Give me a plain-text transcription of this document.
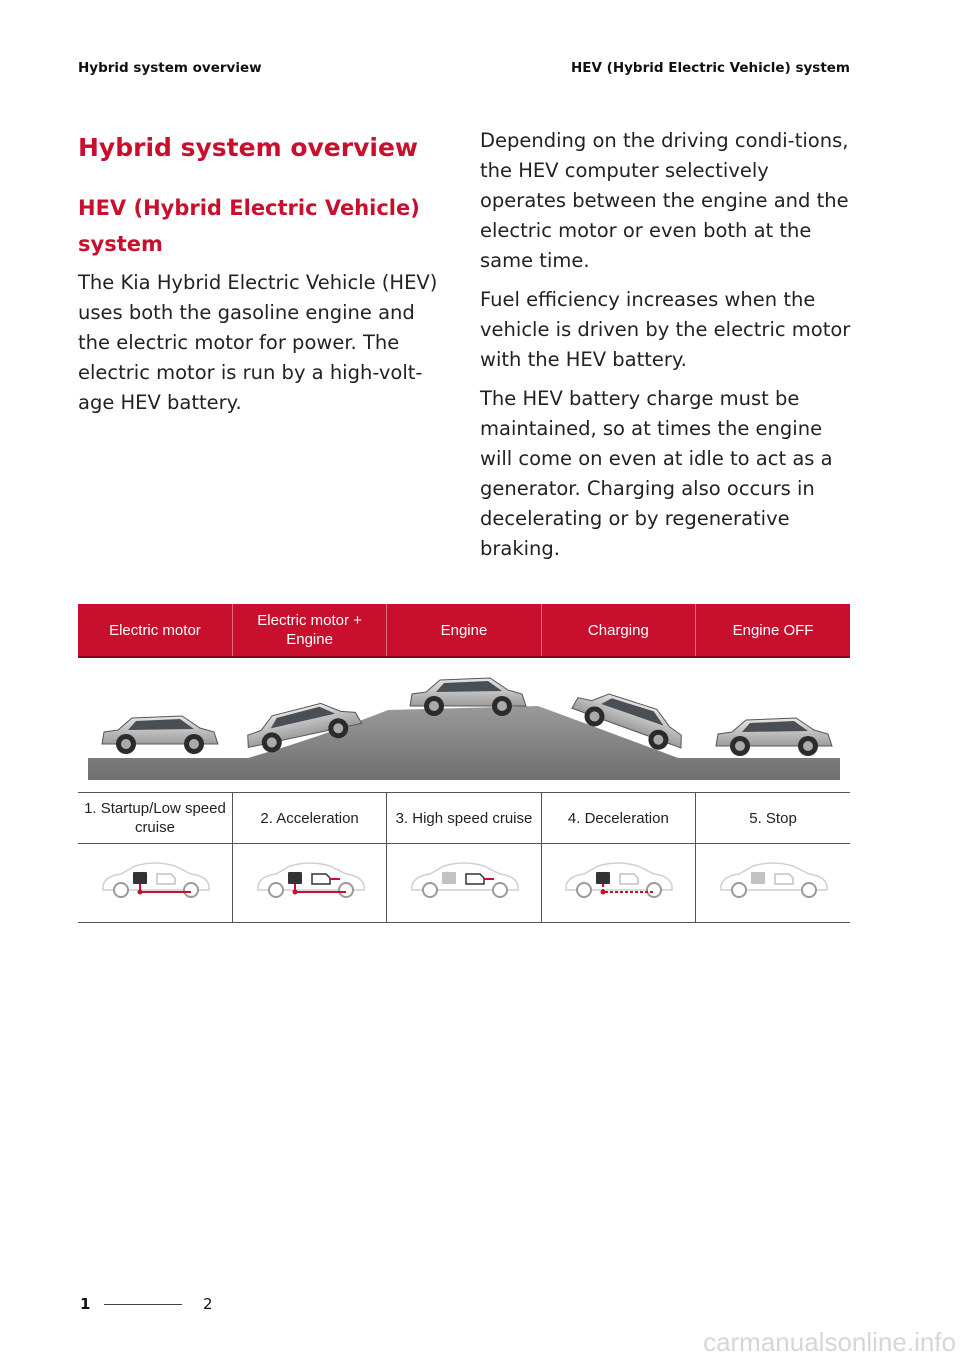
Hybrid system overview	HEV (Hybrid Electric Vehicle) system
Hybrid system overview
HEV (Hybrid Electric Vehicle)
system

The Kia Hybrid Electric Vehicle (HEV) uses both the gasoline engine and the electric motor for power. The electric motor is run by a high-volt-age HEV battery.

Depending on the driving condi-tions, the HEV computer selectively operates between the engine and the electric motor or even both at the same time.

Fuel efficiency increases when the vehicle is driven by the electric motor with the HEV battery.

The HEV battery charge must be maintained, so at times the engine will come on even at idle to act as a generator. Charging also occurs in decelerating or by regenerative braking.

Electric motor	Electric motor + Engine	Engine	Charging	Engine OFF

1. Startup/Low speed cruise	2. Acceleration	3. High speed cruise	4. Deceleration	5. Stop

1	2
carmanualsonline.info
